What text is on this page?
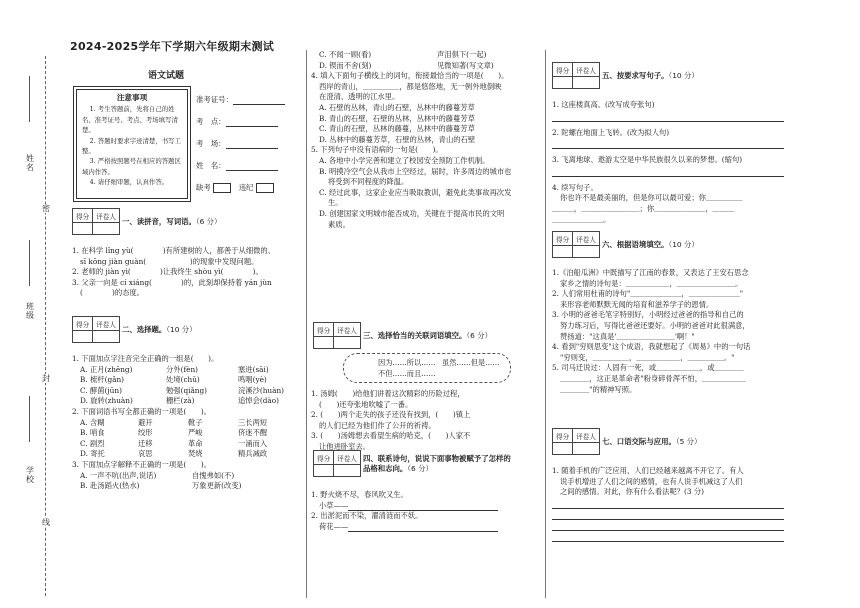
姓名
班级
学校
密
封
线
2024-2025学年下学期六年级期末测试
语文试题
注意事项

1. 考生答题前，先将自己的姓名、准考证号、考点、考场填写清楚。

2. 答题时要求字迹清楚，书写工整。

3. 严格按照题号在相应的答题区域内作答。

4. 请仔细审题，认真作答。

准考证号：
考　点：
考　场：
姓　名：
缺考 　	违纪
得分	评卷人
	一、读拼音，写词语。（6 分）
1. 在科学 lǐng yù(　　　　)有所建树的人，都善于从细微的、
sī kōng jiàn guàn(　　　　　　)的现象中发现问题。
2. 老师的 jiàn yì(　　　　)让我终生 shòu yì(　　　　)。
3. 父亲一向是 cí xiáng(　　　　)的，此刻却保持着 yán jùn
(　　　　)的态度。
得分	评卷人
	二、选择题。（10 分）
1. 下面加点字注音完全正确的一组是(　　)。
A. 正月(zhēng)	分外(fèn)	塞进(sāi)
B. 梳杆(gǎn)	处境(chǔ)	鸣咽(yè)
C. 酵菌(jūn)	勉强(qiǎng)	浣溪沙(huàn)
D. 旋转(zhuàn)	栅栏(zà)	追悼会(dào)
2. 下面词语书写全都正确的一项是(　　)。
A. 含糊	避开	靴子	三长两短
B. 哨食	绞形	严峻	侪迷不醒
C. 剧烈	迁移	革命	一涌而入
D. 寄托	哀思	焚烧	精兵减政
3. 下面加点字解释不正确的一项是(　　)。
A. 一声不吭(出声,说话)	自愧弗如(不)
B. 赴汤蹈火(热水)	万象更新(改变)
C. 不闻一顾(看)	声泪俱下(一起)
D. 锲而不舍(刻)	见微知著(写文章)
4. 填入下面句子横线上的词句，衔接最恰当的一项是(　　)。
西岸的青山，＿＿＿＿＿，都是悠悠地，无一例外地倒映
在澄清、透明的江水里。
A. 石壁的丛林，青山的石壁，丛林中的藤蔓芳草
B. 青山的石壁，石壁的丛林，丛林中的藤蔓芳草
C. 青山的石壁，丛林的藤蔓，丛林中的藤蔓芳草
D. 丛林中的藤蔓芳草，石壁的丛林，青山的石壁
5. 下列句子中没有语病的一句是(　　)。
A. 各地中小学完善和建立了校园安全预防工作机制。
B. 明摸冷空气会从我市上空经过，届时，许多周边的城市也
将受到不同程度的降温。
C. 经过此事，这家企业应当吸取教训，避免此类事故再次发
生。
D. 创建国家文明城市能否成功，关键在于提高市民的文明
素质。
得分	评卷人
	三、选择恰当的关联词语填空。（6 分）
因为……所以…… 虽然……但是……
不但……而且……
1. 汤姆(　　)给他们讲着这次精彩的历险过程，
(　　)还夸张地吹嘘了一番。
2. (　　)两个走失的孩子还没有找到，(　　)镇上
的人们已经为他们作了公开的祈祷。
3. (　　)汤姆想去看望生病的哈克，(　　)人家不
让他进卧室去。
得分	评卷人
	四、联系诗句，说说下面事物被赋予了怎样的品格和志向。（6 分）
1. 野火烧不尽，春风吹又生。
小草——
2. 出淤泥而不染，濯清涟而不妖。
荷花——
得分	评卷人
	五、按要求写句子。（10 分）
1. 这座楼真高。(改写成夸张句)
2. 陀螺在地面上飞转。(改为拟人句)
3. 飞离地球、遨游太空是中华民族很久以来的梦想。(缩句)
4. 续写句子。
你也许不是最美丽的，但是你可以最可爱；你＿＿＿＿＿
＿＿＿，＿＿＿＿＿＿＿＿；你＿＿＿＿＿＿＿，＿＿＿
＿＿＿＿＿＿＿。
得分	评卷人
	六、根据语境填空。（10 分）
1.《泊船瓜洲》中既描写了江南的春景，又表达了王安石思念
家乡之情的诗句是：＿＿＿＿＿＿，＿＿＿＿＿＿＿＿。
2. 人们常用杜甫的诗句"＿＿＿＿＿＿＿，＿＿＿＿＿＿＿"
来形容老师默默无闻的培育和滋养学子的恩情。
3. 小明的爸爸毛笔字特别好，小明经过爸爸的指导和自己的
努力练习后，写得比爸爸还要好。小明的爸爸对此很满意，
赞扬道："这真是'＿＿＿＿＿＿＿＿'啊！"
4. 看到"穷则思变"这个成语，我就想起了《周易》中的一句话
"穷则变，＿＿＿＿＿，＿＿＿＿＿＿，＿＿＿＿＿。"
5. 司马迁说过：人固有一死，或＿＿＿＿＿＿，或＿＿＿＿
＿＿＿＿，这正是革命者"粉身碎骨浑不怕，＿＿＿＿＿＿
＿＿＿＿"的精神写照。
得分	评卷人
	七、口语交际与应用。（5 分）
1. 随着手机的广泛应用，人们已经越来越离不开它了。有人
说手机增进了人们之间的感情，也有人说手机减这了人们
之间的感情。对此，你有什么看法呢？(3 分)
